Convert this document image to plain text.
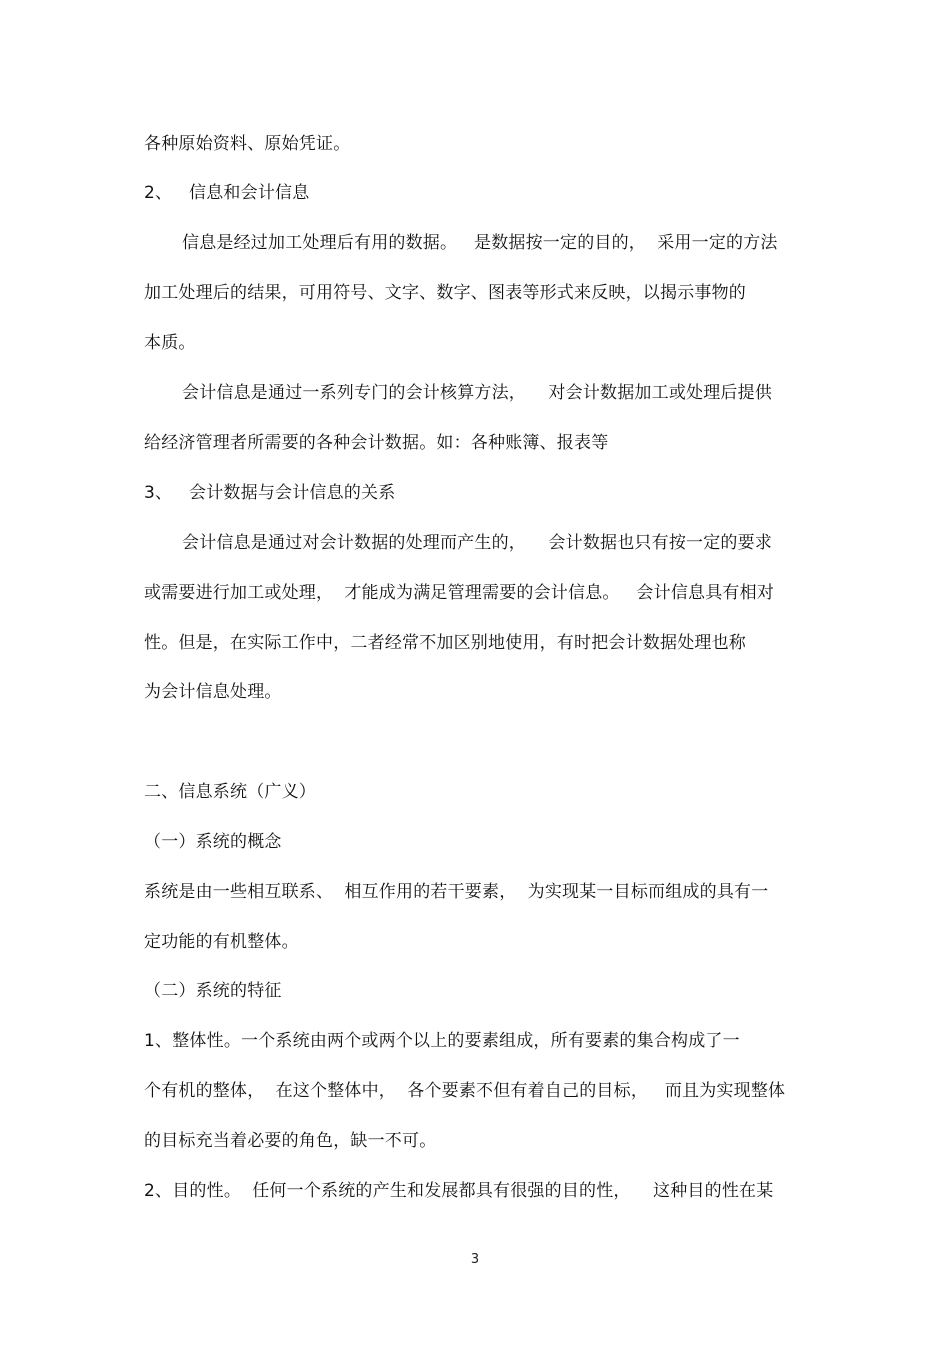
各种原始资料、原始凭证。
2、   信息和会计信息
信息是经过加工处理后有用的数据。   是数据按一定的目的，  采用一定的方法
加工处理后的结果，可用符号、文字、数字、图表等形式来反映，以揭示事物的
本质。
会计信息是通过一系列专门的会计核算方法，    对会计数据加工或处理后提供
给经济管理者所需要的各种会计数据。如：各种账簿、报表等
3、   会计数据与会计信息的关系
会计信息是通过对会计数据的处理而产生的，    会计数据也只有按一定的要求
或需要进行加工或处理，  才能成为满足管理需要的会计信息。   会计信息具有相对
性。但是，在实际工作中，二者经常不加区别地使用，有时把会计数据处理也称
为会计信息处理。
二、信息系统（广义）
（一）系统的概念
系统是由一些相互联系、  相互作用的若干要素，  为实现某一目标而组成的具有一
定功能的有机整体。
（二）系统的特征
1、整体性。一个系统由两个或两个以上的要素组成，所有要素的集合构成了一
个有机的整体，  在这个整体中，  各个要素不但有着自己的目标，   而且为实现整体
的目标充当着必要的角色，缺一不可。
2、目的性。  任何一个系统的产生和发展都具有很强的目的性，    这种目的性在某
3
